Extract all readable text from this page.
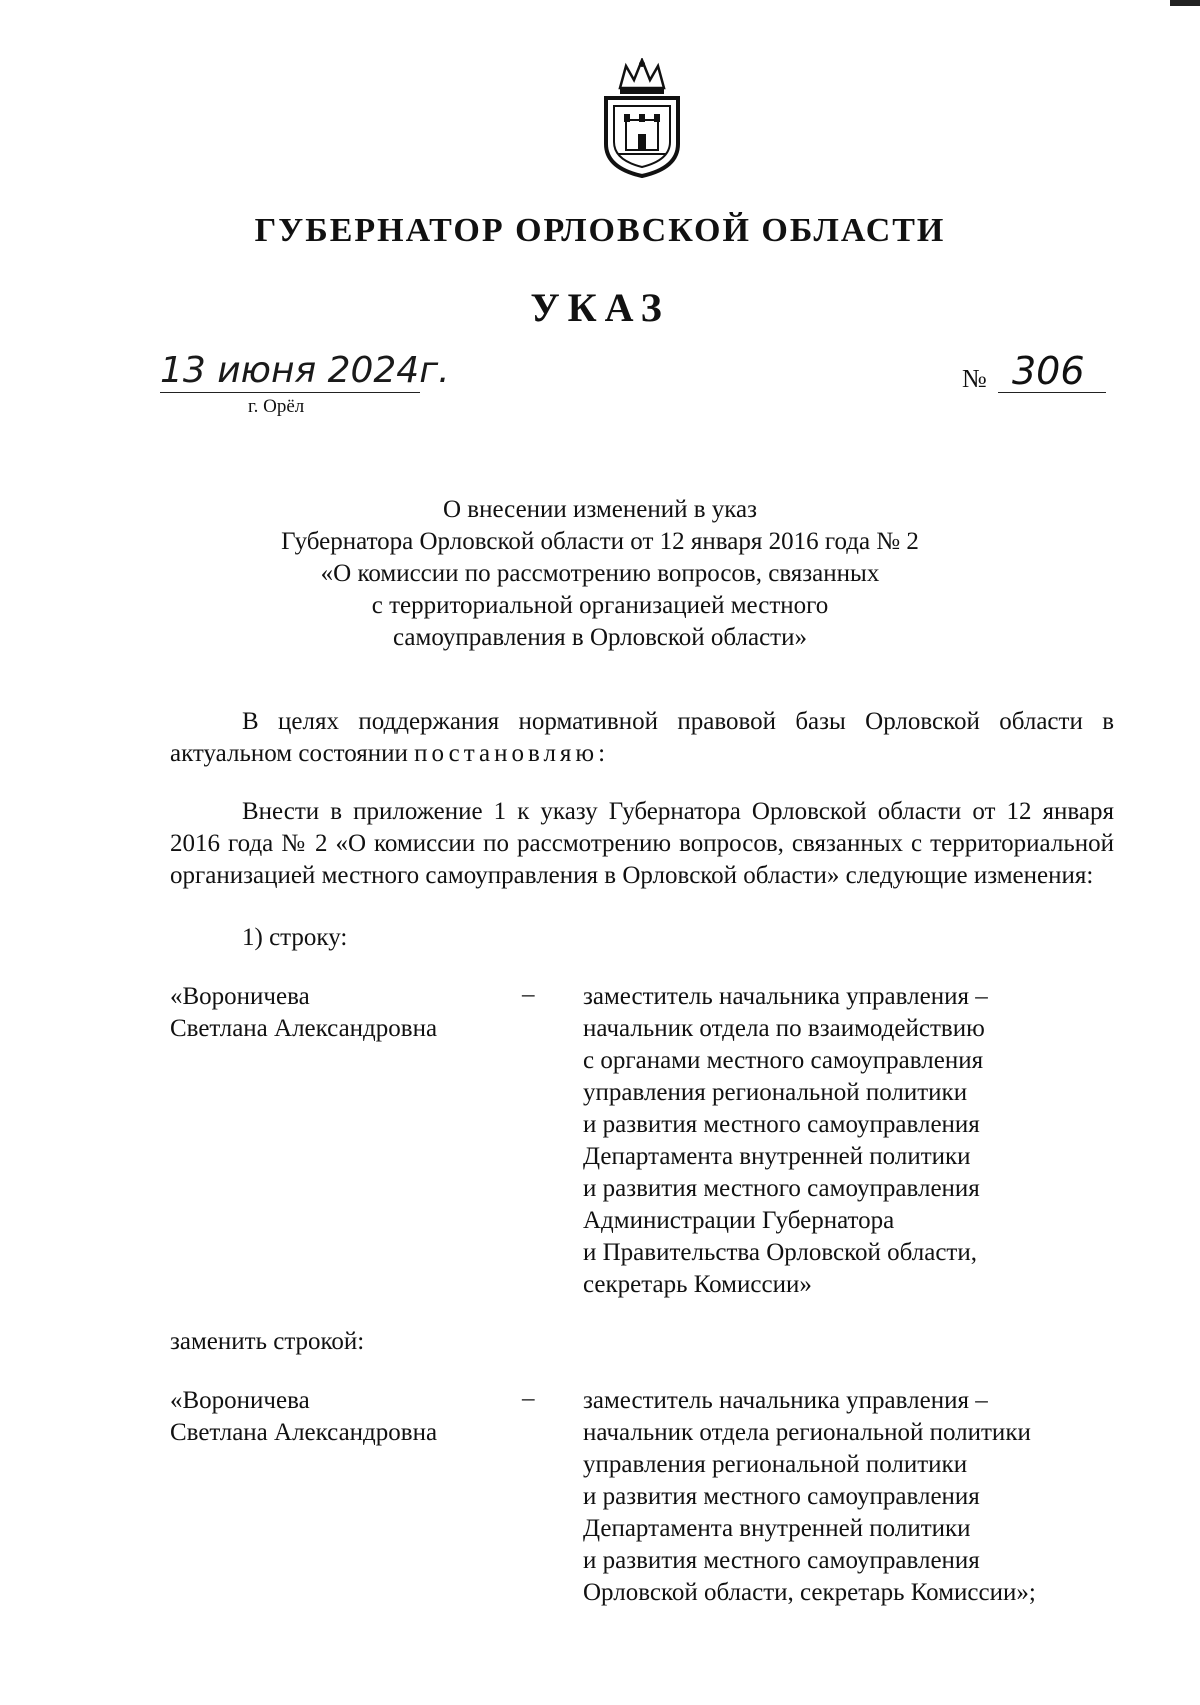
ГУБЕРНАТОР ОРЛОВСКОЙ ОБЛАСТИ
УКАЗ
13 июня 2024г.
г. Орёл
№ 306
О внесении изменений в указ
Губернатора Орловской области от 12 января 2016 года № 2
«О комиссии по рассмотрению вопросов, связанных
с территориальной организацией местного
самоуправления в Орловской области»
В целях поддержания нормативной правовой базы Орловской области в актуальном состоянии постановляю:
Внести в приложение 1 к указу Губернатора Орловской области от 12 января 2016 года № 2 «О комиссии по рассмотрению вопросов, связанных с территориальной организацией местного самоуправления в Орловской области» следующие изменения:
1) строку:
«Вороничева
Светлана Александровна
– заместитель начальника управления –
начальник отдела по взаимодействию
с органами местного самоуправления
управления региональной политики
и развития местного самоуправления
Департамента внутренней политики
и развития местного самоуправления
Администрации Губернатора
и Правительства Орловской области,
секретарь Комиссии»
заменить строкой:
«Вороничева
Светлана Александровна
– заместитель начальника управления –
начальник отдела региональной политики
управления региональной политики
и развития местного самоуправления
Департамента внутренней политики
и развития местного самоуправления
Орловской области, секретарь Комиссии»;
